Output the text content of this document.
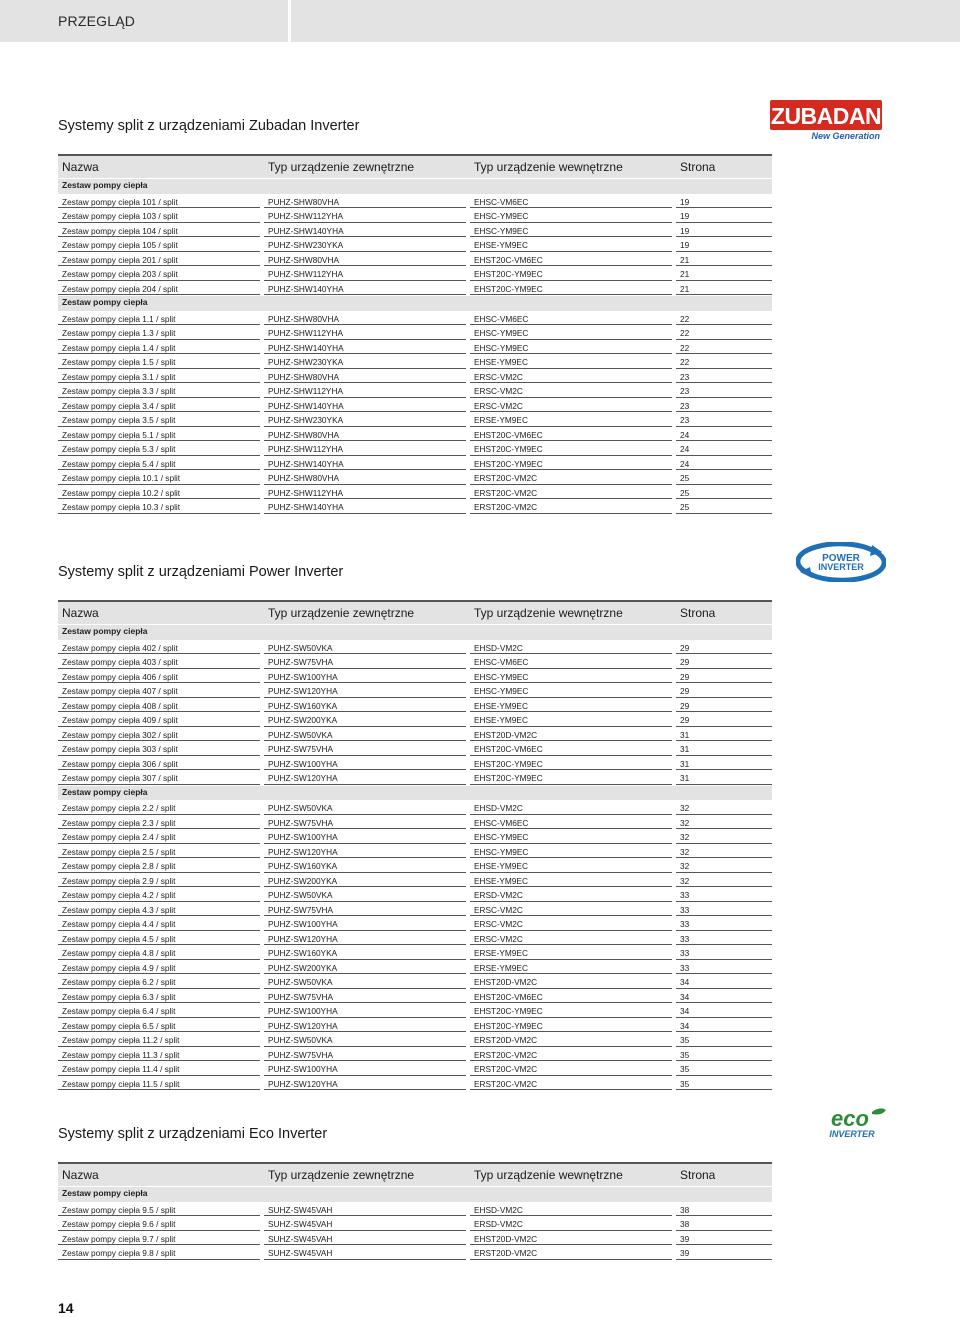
PRZEGLĄD
ZUBADAN
New Generation
POWER
INVERTER
eco
INVERTER
Systemy split z urządzeniami Zubadan Inverter
Nazwa	Typ urządzenie zewnętrzne	Typ urządzenie wewnętrzne	Strona
Zestaw pompy ciepła
Zestaw pompy ciepła 101 / split	PUHZ-SHW80VHA	EHSC-VM6EC	19
Zestaw pompy ciepła 103 / split	PUHZ-SHW112YHA	EHSC-YM9EC	19
Zestaw pompy ciepła 104 / split	PUHZ-SHW140YHA	EHSC-YM9EC	19
Zestaw pompy ciepła 105 / split	PUHZ-SHW230YKA	EHSE-YM9EC	19
Zestaw pompy ciepła 201 / split	PUHZ-SHW80VHA	EHST20C-VM6EC	21
Zestaw pompy ciepła 203 / split	PUHZ-SHW112YHA	EHST20C-YM9EC	21
Zestaw pompy ciepła 204 / split	PUHZ-SHW140YHA	EHST20C-YM9EC	21
Zestaw pompy ciepła
Zestaw pompy ciepła 1.1 / split	PUHZ-SHW80VHA	EHSC-VM6EC	22
Zestaw pompy ciepła 1.3 / split	PUHZ-SHW112YHA	EHSC-YM9EC	22
Zestaw pompy ciepła 1.4 / split	PUHZ-SHW140YHA	EHSC-YM9EC	22
Zestaw pompy ciepła 1.5 / split	PUHZ-SHW230YKA	EHSE-YM9EC	22
Zestaw pompy ciepła 3.1 / split	PUHZ-SHW80VHA	ERSC-VM2C	23
Zestaw pompy ciepła 3.3 / split	PUHZ-SHW112YHA	ERSC-VM2C	23
Zestaw pompy ciepła 3.4 / split	PUHZ-SHW140YHA	ERSC-VM2C	23
Zestaw pompy ciepła 3.5 / split	PUHZ-SHW230YKA	ERSE-YM9EC	23
Zestaw pompy ciepła 5.1 / split	PUHZ-SHW80VHA	EHST20C-VM6EC	24
Zestaw pompy ciepła 5.3 / split	PUHZ-SHW112YHA	EHST20C-YM9EC	24
Zestaw pompy ciepła 5.4 / split	PUHZ-SHW140YHA	EHST20C-YM9EC	24
Zestaw pompy ciepła 10.1 / split	PUHZ-SHW80VHA	ERST20C-VM2C	25
Zestaw pompy ciepła 10.2 / split	PUHZ-SHW112YHA	ERST20C-VM2C	25
Zestaw pompy ciepła 10.3 / split	PUHZ-SHW140YHA	ERST20C-VM2C	25
Systemy split z urządzeniami Power Inverter
Nazwa	Typ urządzenie zewnętrzne	Typ urządzenie wewnętrzne	Strona
Zestaw pompy ciepła
Zestaw pompy ciepła 402 / split	PUHZ-SW50VKA	EHSD-VM2C	29
Zestaw pompy ciepła 403 / split	PUHZ-SW75VHA	EHSC-VM6EC	29
Zestaw pompy ciepła 406 / split	PUHZ-SW100YHA	EHSC-YM9EC	29
Zestaw pompy ciepła 407 / split	PUHZ-SW120YHA	EHSC-YM9EC	29
Zestaw pompy ciepła 408 / split	PUHZ-SW160YKA	EHSE-YM9EC	29
Zestaw pompy ciepła 409 / split	PUHZ-SW200YKA	EHSE-YM9EC	29
Zestaw pompy ciepła 302 / split	PUHZ-SW50VKA	EHST20D-VM2C	31
Zestaw pompy ciepła 303 / split	PUHZ-SW75VHA	EHST20C-VM6EC	31
Zestaw pompy ciepła 306 / split	PUHZ-SW100YHA	EHST20C-YM9EC	31
Zestaw pompy ciepła 307 / split	PUHZ-SW120YHA	EHST20C-YM9EC	31
Zestaw pompy ciepła
Zestaw pompy ciepła 2.2 / split	PUHZ-SW50VKA	EHSD-VM2C	32
Zestaw pompy ciepła 2.3 / split	PUHZ-SW75VHA	EHSC-VM6EC	32
Zestaw pompy ciepła 2.4 / split	PUHZ-SW100YHA	EHSC-YM9EC	32
Zestaw pompy ciepła 2.5 / split	PUHZ-SW120YHA	EHSC-YM9EC	32
Zestaw pompy ciepła 2.8 / split	PUHZ-SW160YKA	EHSE-YM9EC	32
Zestaw pompy ciepła 2.9 / split	PUHZ-SW200YKA	EHSE-YM9EC	32
Zestaw pompy ciepła 4.2 / split	PUHZ-SW50VKA	ERSD-VM2C	33
Zestaw pompy ciepła 4.3 / split	PUHZ-SW75VHA	ERSC-VM2C	33
Zestaw pompy ciepła 4.4 / split	PUHZ-SW100YHA	ERSC-VM2C	33
Zestaw pompy ciepła 4.5 / split	PUHZ-SW120YHA	ERSC-VM2C	33
Zestaw pompy ciepła 4.8 / split	PUHZ-SW160YKA	ERSE-YM9EC	33
Zestaw pompy ciepła 4.9 / split	PUHZ-SW200YKA	ERSE-YM9EC	33
Zestaw pompy ciepła 6.2 / split	PUHZ-SW50VKA	EHST20D-VM2C	34
Zestaw pompy ciepła 6.3 / split	PUHZ-SW75VHA	EHST20C-VM6EC	34
Zestaw pompy ciepła 6.4 / split	PUHZ-SW100YHA	EHST20C-YM9EC	34
Zestaw pompy ciepła 6.5 / split	PUHZ-SW120YHA	EHST20C-YM9EC	34
Zestaw pompy ciepła 11.2 / split	PUHZ-SW50VKA	ERST20D-VM2C	35
Zestaw pompy ciepła 11.3 / split	PUHZ-SW75VHA	ERST20C-VM2C	35
Zestaw pompy ciepła 11.4 / split	PUHZ-SW100YHA	ERST20C-VM2C	35
Zestaw pompy ciepła 11.5 / split	PUHZ-SW120YHA	ERST20C-VM2C	35
Systemy split z urządzeniami Eco Inverter
Nazwa	Typ urządzenie zewnętrzne	Typ urządzenie wewnętrzne	Strona
Zestaw pompy ciepła
Zestaw pompy ciepła 9.5 / split	SUHZ-SW45VAH	EHSD-VM2C	38
Zestaw pompy ciepła 9.6 / split	SUHZ-SW45VAH	ERSD-VM2C	38
Zestaw pompy ciepła 9.7 / split	SUHZ-SW45VAH	EHST20D-VM2C	39
Zestaw pompy ciepła 9.8 / split	SUHZ-SW45VAH	ERST20D-VM2C	39
14
